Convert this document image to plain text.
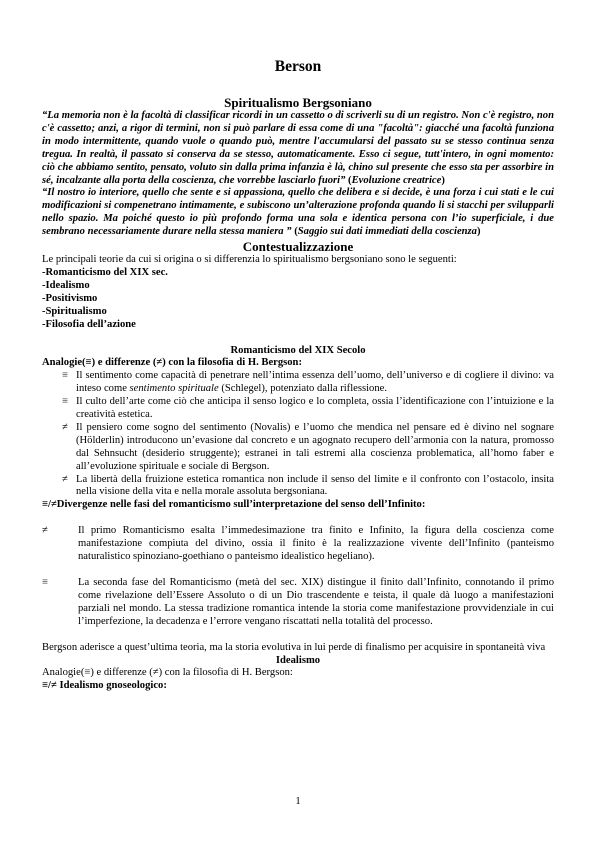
Berson
Spiritualismo Bergsoniano

“La memoria non è la facoltà di classificar ricordi in un cassetto o di scriverli su di un registro. Non c'è registro, non c'è cassetto; anzi, a rigor di termini, non si può parlare di essa come di una "facoltà": giacché una facoltà funziona in modo intermittente, quando vuole o quando può, mentre l'accumularsi del passato su se stesso continua senza tregua. In realtà, il passato si conserva da se stesso, automaticamente. Esso ci segue, tutt'intero, in ogni momento: ciò che abbiamo sentito, pensato, voluto sin dalla prima infanzia è là, chino sul presente che esso sta per assorbire in sé, incalzante alla porta della coscienza, che vorrebbe lasciarlo fuori” (Evoluzione creatrice)

“Il nostro io interiore, quello che sente e si appassiona, quello che delibera e si decide, è una forza i cui stati e le cui modificazioni si compenetrano intimamente, e subiscono un’alterazione profonda quando li si stacchi per svilupparli nello spazio. Ma poiché questo io più profondo forma una sola e identica persona con l’io superficiale, i due sembrano necessariamente durare nella stessa maniera ” (Saggio sui dati immediati della coscienza)

Contestualizzazione

Le principali teorie da cui si origina o si differenzia lo spiritualismo bergsoniano sono le seguenti:

-Romanticismo del XIX sec.

-Idealismo

-Positivismo

-Spiritualismo

-Filosofia dell’azione

Romanticismo del XIX Secolo

Analogie(≡) e differenze (≠) con la filosofia di H. Bergson:

≡ Il sentimento come capacità di penetrare nell’intima essenza dell’uomo, dell’universo e di cogliere il divino: va inteso come sentimento spirituale (Schlegel), potenziato dalla riflessione.
≡ Il culto dell’arte come ciò che anticipa il senso logico e lo completa, ossia l’identificazione con l’intuizione e la creatività estetica.
≠ Il pensiero come sogno del sentimento (Novalis) e l’uomo che mendica nel pensare ed è divino nel sognare (Hölderlin) introducono un’evasione dal concreto e un agognato recupero dell’armonia con la natura, promosso dal Sehnsucht (desiderio struggente); estranei in tali estremi alla coscienza problematica, all’homo faber e all’evoluzione spirituale e sociale di Bergson.
≠ La libertà della fruizione estetica romantica non include il senso del limite e il confronto con l’ostacolo, insita nella visione della vita e nella morale assoluta bergsoniana.

≡/≠Divergenze nelle fasi del romanticismo sull’interpretazione del senso dell’Infinito:

≠	Il primo Romanticismo esalta l’immedesimazione tra finito e Infinito, la figura della coscienza come manifestazione compiuta del divino, ossia il finito è la realizzazione vivente dell’Infinito (panteismo naturalistico spinoziano-goethiano o panteismo idealistico hegeliano).

≡	La seconda fase del Romanticismo (metà del sec. XIX) distingue il finito dall’Infinito, connotando il primo come rivelazione dell’Essere Assoluto o di un Dio trascendente e teista, il quale dà luogo a manifestazioni parziali nel mondo. La stessa tradizione romantica intende la storia come manifestazione provvidenziale in cui l’imperfezione, la decadenza e l’errore vengano riscattati nella totalità del processo.

Bergson aderisce a quest’ultima teoria, ma la storia evolutiva in lui perde di finalismo per acquisire in spontaneità viva

Idealismo

Analogie(≡) e differenze (≠) con la filosofia di H. Bergson:

≡/≠ Idealismo gnoseologico:

1
